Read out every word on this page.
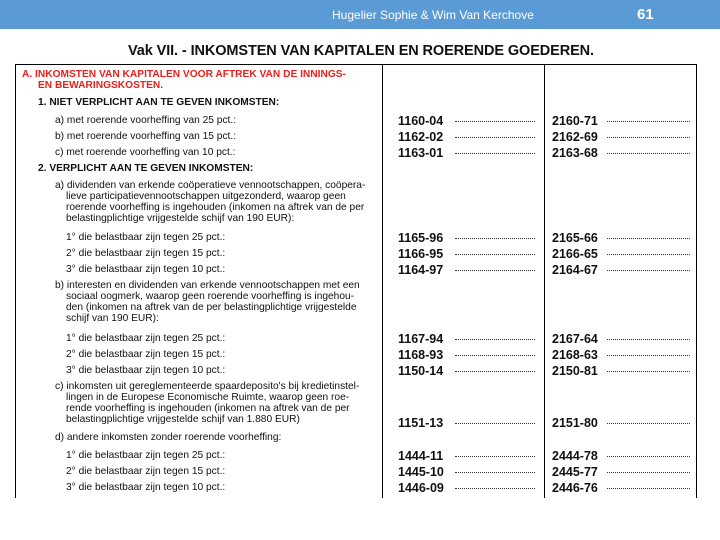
Hugelier Sophie & Wim Van Kerchove	61
Vak VII. - INKOMSTEN VAN KAPITALEN EN ROERENDE GOEDEREN.
A. INKOMSTEN VAN KAPITALEN VOOR AFTREK VAN DE INNINGS-
EN BEWARINGSKOSTEN.
1. NIET VERPLICHT AAN TE GEVEN INKOMSTEN:
a) met roerende voorheffing van 25 pct.:
b) met roerende voorheffing van 15 pct.:
c) met roerende voorheffing van 10 pct.:
2. VERPLICHT AAN TE GEVEN INKOMSTEN:
a) dividenden van erkende coöperatieve vennootschappen, coöpera-
lieve participatievennootschappen uitgezonderd, waarop geen
roerende voorheffing is ingehouden (inkomen na aftrek van de per
belastingplichtige vrijgestelde schijf van 190 EUR):
1° die belastbaar zijn tegen 25 pct.:
2° die belastbaar zijn tegen 15 pct.:
3° die belastbaar zijn tegen 10 pct.:
b) interesten en dividenden van erkende vennootschappen met een
sociaal oogmerk, waarop geen roerende voorheffing is ingehou-
den (inkomen na aftrek van de per belastingplichtige vrijgestelde
schijf van 190 EUR):
1° die belastbaar zijn tegen 25 pct.:
2° die belastbaar zijn tegen 15 pct.:
3° die belastbaar zijn tegen 10 pct.:
c) inkomsten uit gereglementeerde spaardeposito's bij kredietinstel-
lingen in de Europese Economische Ruimte, waarop geen roe-
rende voorheffing is ingehouden (inkomen na aftrek van de per
belastingplichtige vrijgestelde schijf van 1.880 EUR)
d) andere inkomsten zonder roerende voorheffing:
1° die belastbaar zijn tegen 25 pct.:
2° die belastbaar zijn tegen 15 pct.:
3° die belastbaar zijn tegen 10 pct.:
1160-04
1162-02
1163-01
1165-96
1166-95
1164-97
1167-94
1168-93
1150-14
1151-13
1444-11
1445-10
1446-09
2160-71
2162-69
2163-68
2165-66
2166-65
2164-67
2167-64
2168-63
2150-81
2151-80
2444-78
2445-77
2446-76
